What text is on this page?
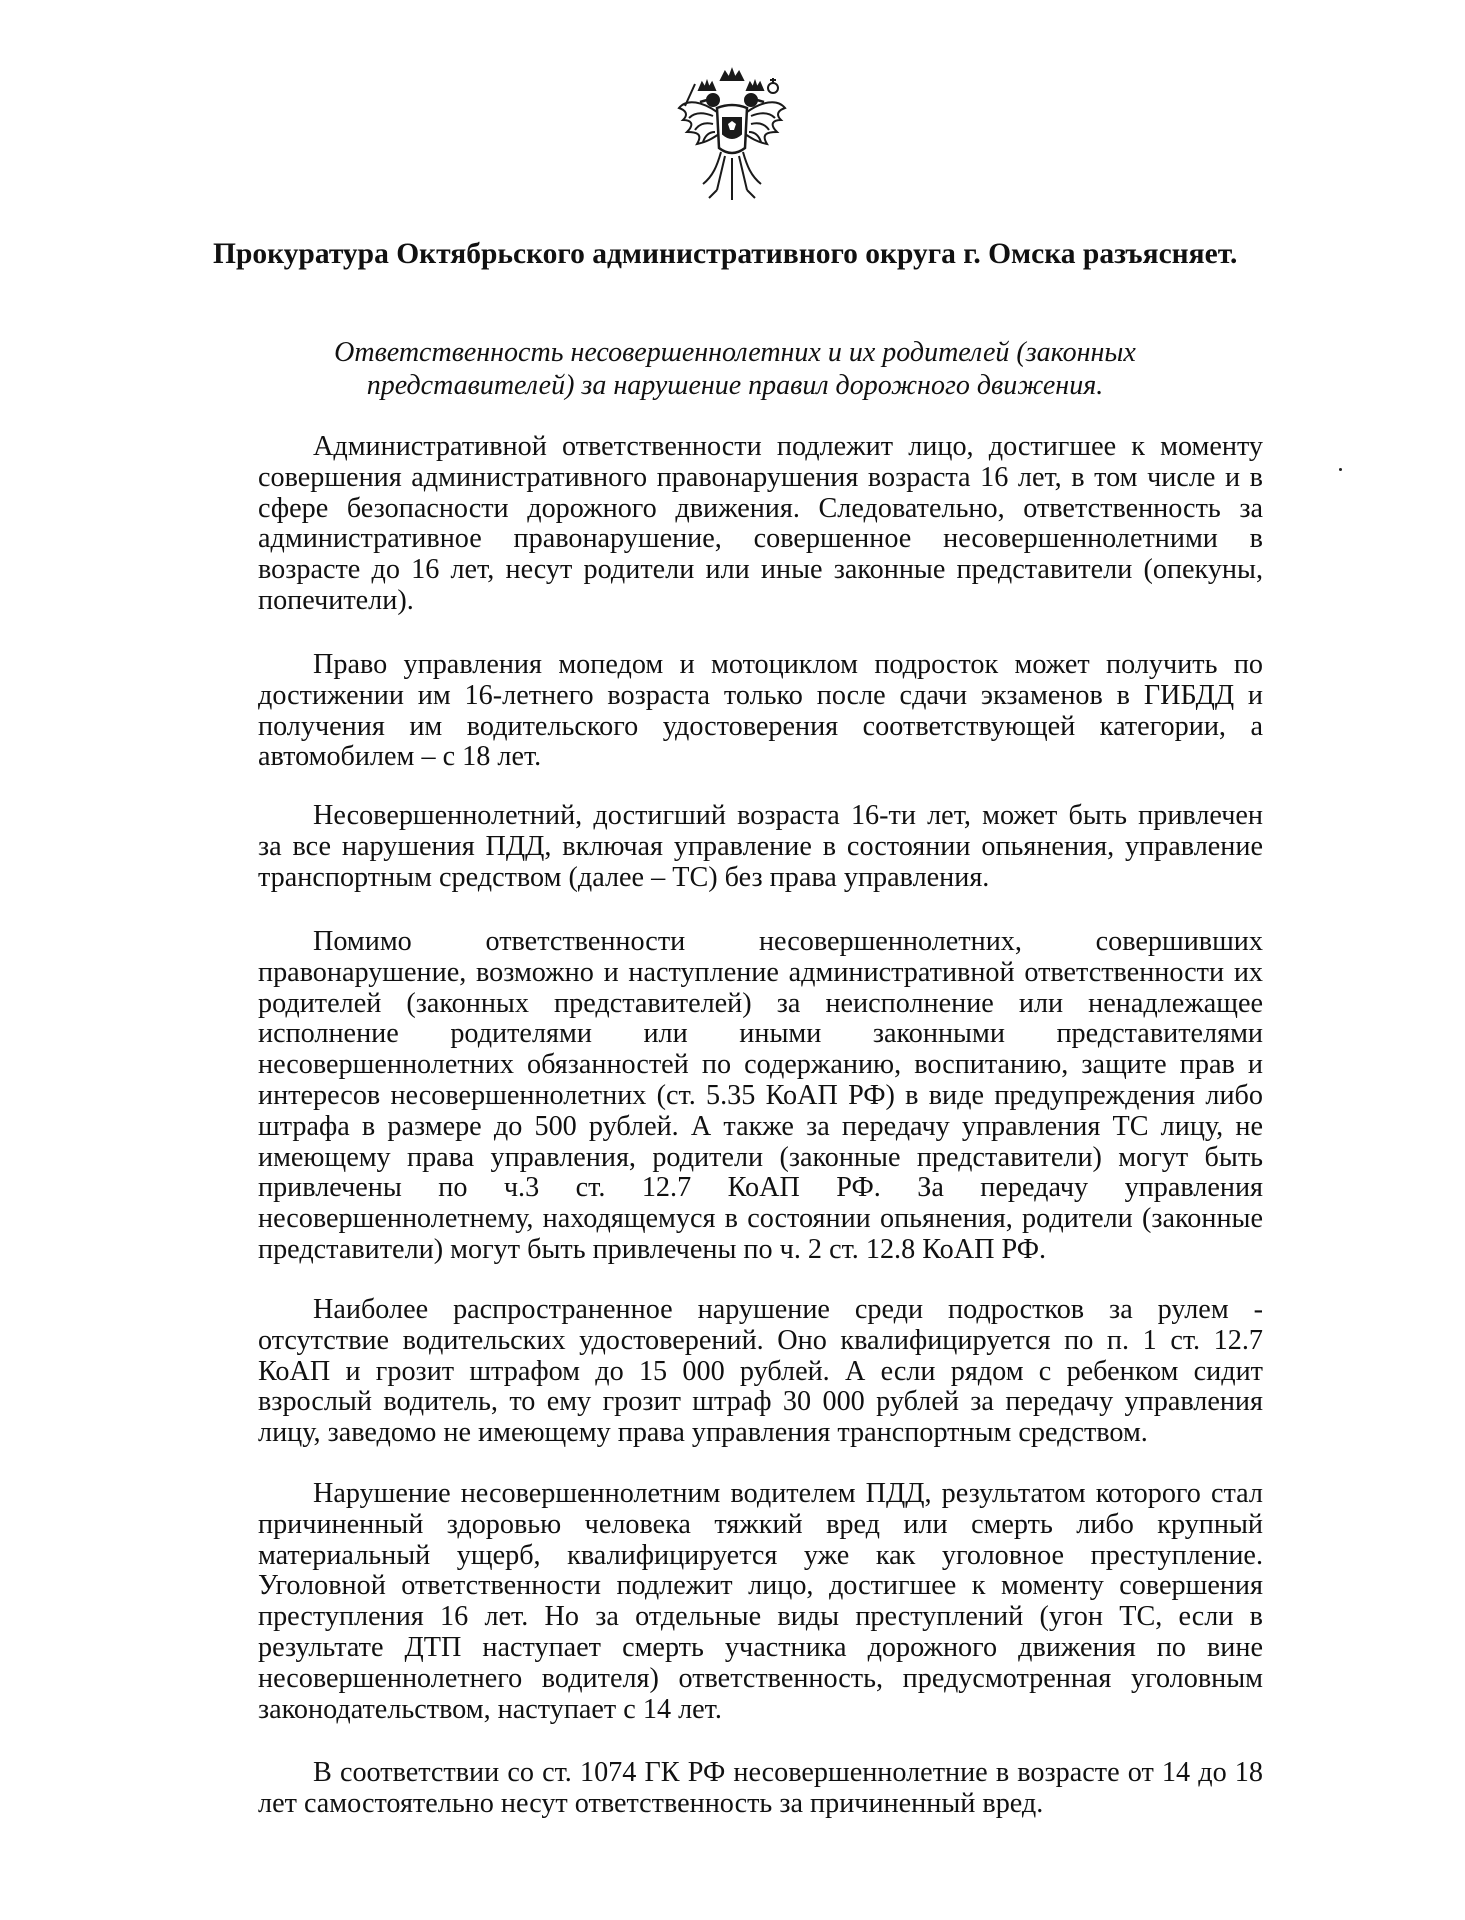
Прокуратура Октябрьского административного округа г. Омска разъясняет.
Ответственность несовершеннолетних и их родителей (законных представителей) за нарушение правил дорожного движения.

Административной ответственности подлежит лицо, достигшее к моменту совершения административного правонарушения возраста 16 лет, в том числе и в сфере безопасности дорожного движения. Следовательно, ответственность за административное правонарушение, совершенное несовершеннолетними в возрасте до 16 лет, несут родители или иные законные представители (опекуны, попечители).

Право управления мопедом и мотоциклом подросток может получить по достижении им 16-летнего возраста только после сдачи экзаменов в ГИБДД и получения им водительского удостоверения соответствующей категории, а автомобилем – с 18 лет.

Несовершеннолетний, достигший возраста 16-ти лет, может быть привлечен за все нарушения ПДД, включая управление в состоянии опьянения, управление транспортным средством (далее – ТС) без права управления.

Помимо ответственности несовершеннолетних, совершивших правонарушение, возможно и наступление административной ответственности их родителей (законных представителей) за неисполнение или ненадлежащее исполнение родителями или иными законными представителями несовершеннолетних обязанностей по содержанию, воспитанию, защите прав и интересов несовершеннолетних (ст. 5.35 КоАП РФ) в виде предупреждения либо штрафа в размере до 500 рублей. А также за передачу управления ТС лицу, не имеющему права управления, родители (законные представители) могут быть привлечены по ч.3 ст. 12.7 КоАП РФ. За передачу управления несовершеннолетнему, находящемуся в состоянии опьянения, родители (законные представители) могут быть привлечены по ч. 2 ст. 12.8 КоАП РФ.

Наиболее распространенное нарушение среди подростков за рулем - отсутствие водительских удостоверений. Оно квалифицируется по п. 1 ст. 12.7 КоАП и грозит штрафом до 15 000 рублей. А если рядом с ребенком сидит взрослый водитель, то ему грозит штраф 30 000 рублей за передачу управления лицу, заведомо не имеющему права управления транспортным средством.

Нарушение несовершеннолетним водителем ПДД, результатом которого стал причиненный здоровью человека тяжкий вред или смерть либо крупный материальный ущерб, квалифицируется уже как уголовное преступление. Уголовной ответственности подлежит лицо, достигшее к моменту совершения преступления 16 лет. Но за отдельные виды преступлений (угон ТС, если в результате ДТП наступает смерть участника дорожного движения по вине несовершеннолетнего водителя) ответственность, предусмотренная уголовным законодательством, наступает с 14 лет.

В соответствии со ст. 1074 ГК РФ несовершеннолетние в возрасте от 14 до 18 лет самостоятельно несут ответственность за причиненный вред.
